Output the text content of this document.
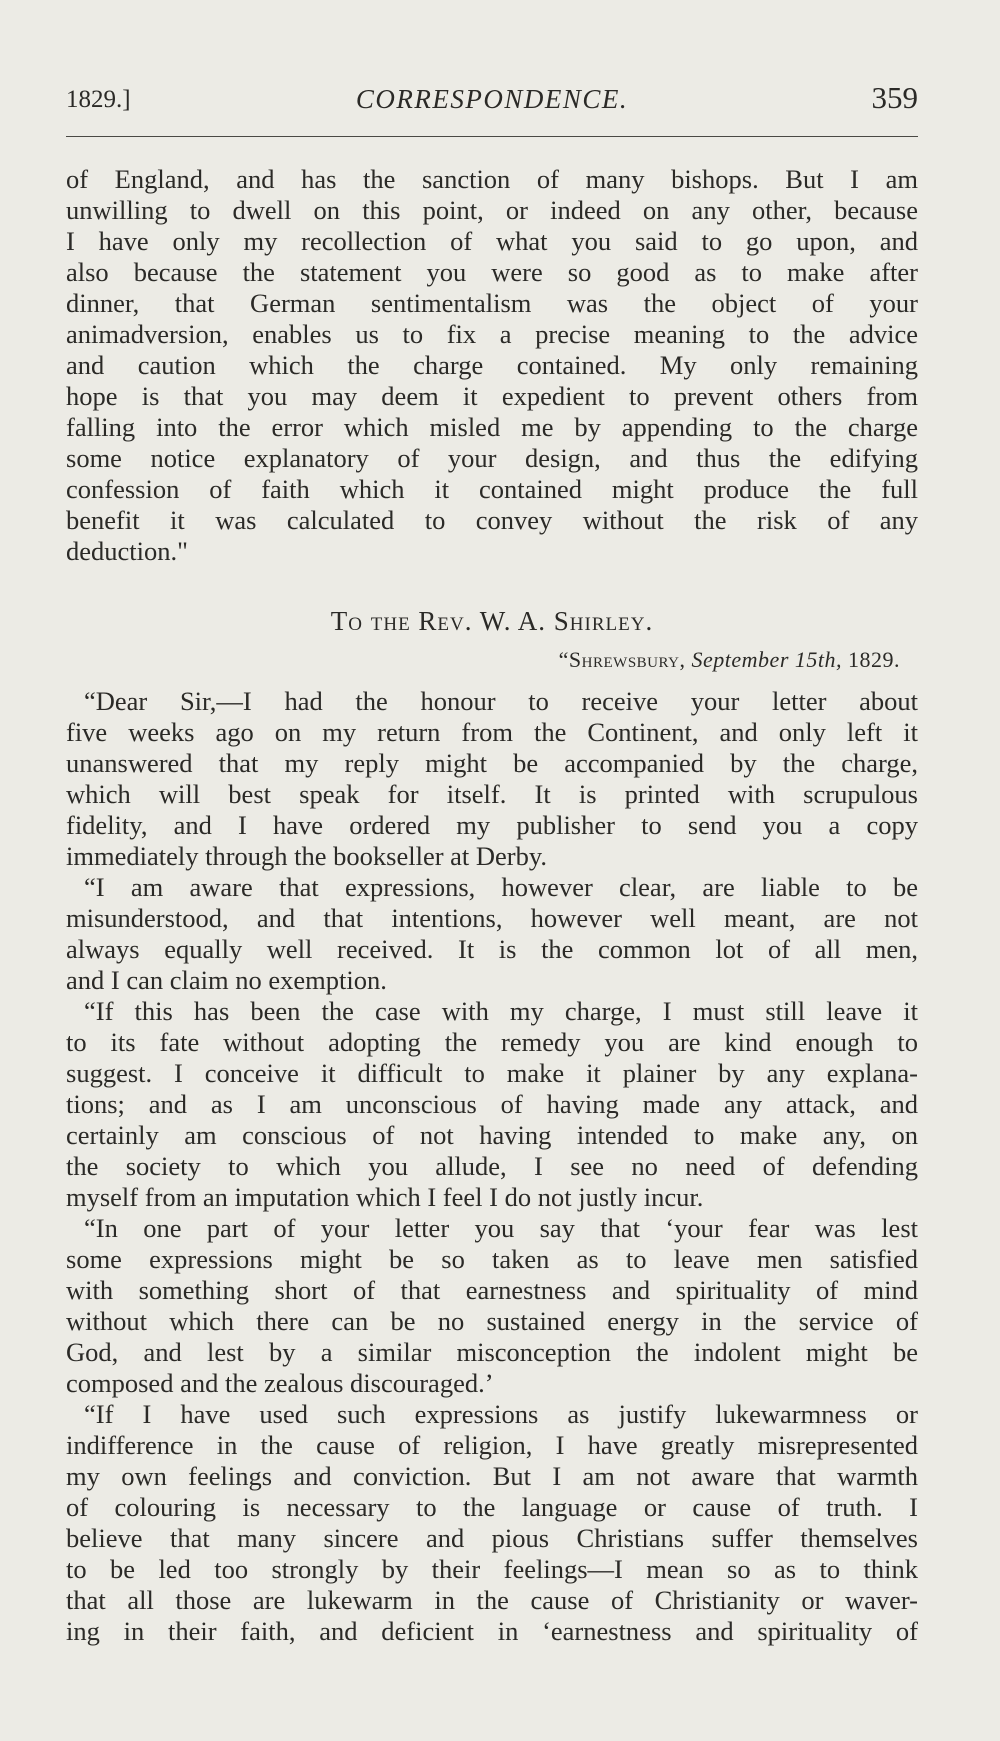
1829.]	CORRESPONDENCE.	359
of England, and has the sanction of many bishops. But I am
unwilling to dwell on this point, or indeed on any other, because
I have only my recollection of what you said to go upon, and
also because the statement you were so good as to make after
dinner, that German sentimentalism was the object of your
animadversion, enables us to fix a precise meaning to the advice
and caution which the charge contained. My only remaining
hope is that you may deem it expedient to prevent others from
falling into the error which misled me by appending to the charge
some notice explanatory of your design, and thus the edifying
confession of faith which it contained might produce the full
benefit it was calculated to convey without the risk of any
deduction."
To the Rev. W. A. Shirley.
“Shrewsbury, September 15th, 1829.
“Dear Sir,—I had the honour to receive your letter about
five weeks ago on my return from the Continent, and only left it
unanswered that my reply might be accompanied by the charge,
which will best speak for itself. It is printed with scrupulous
fidelity, and I have ordered my publisher to send you a copy
immediately through the bookseller at Derby.
“I am aware that expressions, however clear, are liable to be
misunderstood, and that intentions, however well meant, are not
always equally well received. It is the common lot of all men,
and I can claim no exemption.
“If this has been the case with my charge, I must still leave it
to its fate without adopting the remedy you are kind enough to
suggest. I conceive it difficult to make it plainer by any explana-
tions; and as I am unconscious of having made any attack, and
certainly am conscious of not having intended to make any, on
the society to which you allude, I see no need of defending
myself from an imputation which I feel I do not justly incur.
“In one part of your letter you say that ‘your fear was lest
some expressions might be so taken as to leave men satisfied
with something short of that earnestness and spirituality of mind
without which there can be no sustained energy in the service of
God, and lest by a similar misconception the indolent might be
composed and the zealous discouraged.’
“If I have used such expressions as justify lukewarmness or
indifference in the cause of religion, I have greatly misrepresented
my own feelings and conviction. But I am not aware that warmth
of colouring is necessary to the language or cause of truth. I
believe that many sincere and pious Christians suffer themselves
to be led too strongly by their feelings—I mean so as to think
that all those are lukewarm in the cause of Christianity or waver-
ing in their faith, and deficient in ‘earnestness and spirituality of
